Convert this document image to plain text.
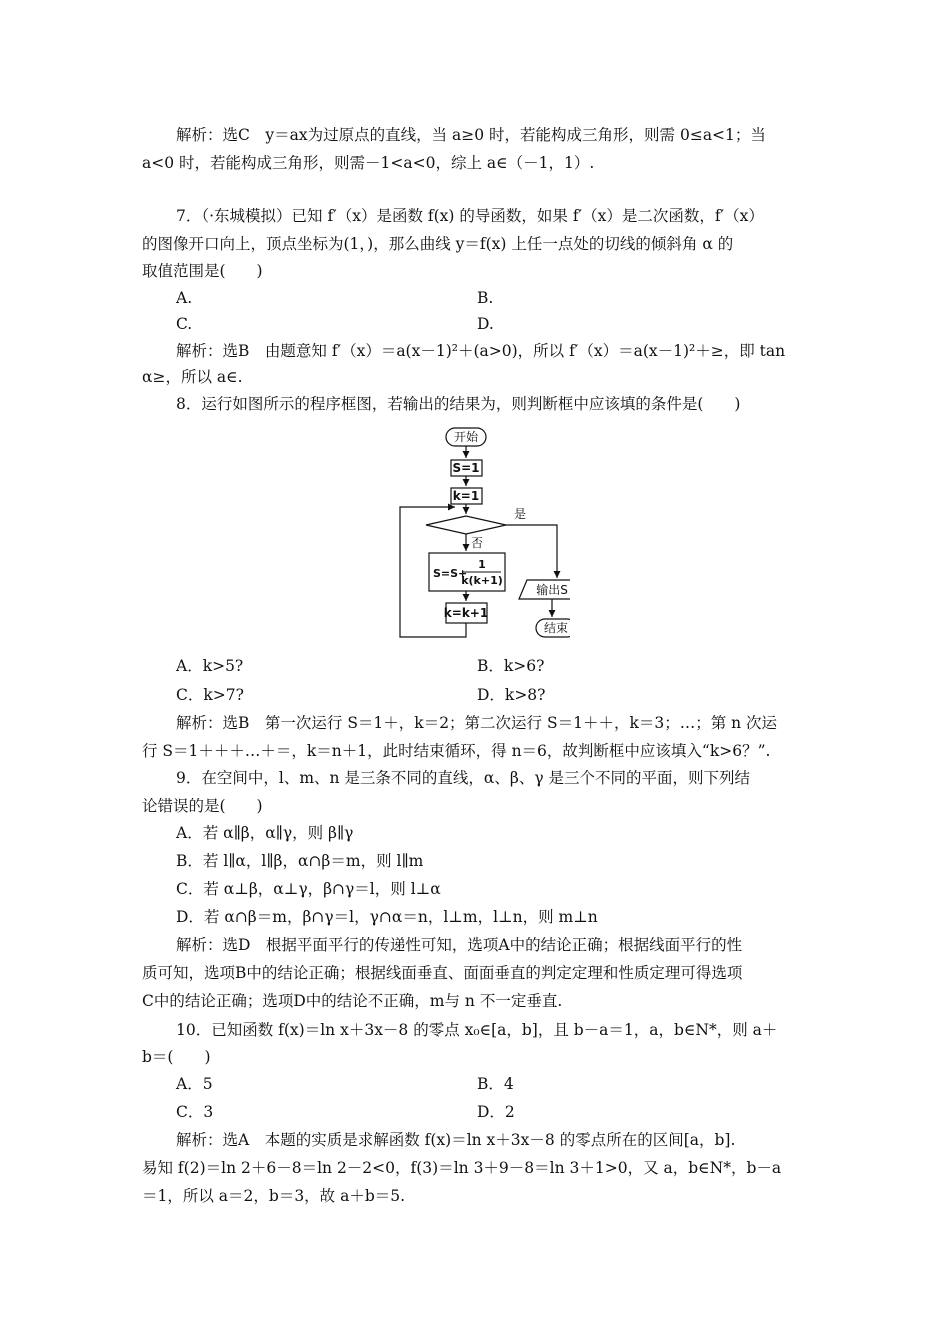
解析：选C　y＝ax为过原点的直线，当 a≥0 时，若能构成三角形，则需 0≤a<1；当
a<0 时，若能构成三角形，则需－1<a<0，综上 a∈（－1，1）.
7．（·东城模拟）已知 f′（x）是函数 f(x) 的导函数，如果 f′（x）是二次函数，f′（x）
的图像开口向上，顶点坐标为(1，)，那么曲线 y＝f(x) 上任一点处的切线的倾斜角 α 的
取值范围是(　　)
A.	B.
C.	D.
解析：选B　由题意知 f′（x）＝a(x－1)²＋(a>0)，所以 f′（x）＝a(x－1)²＋≥，即 tan
α≥，所以 a∈.
8．运行如图所示的程序框图，若输出的结果为，则判断框中应该填的条件是(　　)
开始
S=1
k=1
是
否
S=S+
1
k(k+1)
k=k+1
输出S
结束
A．k>5?	B．k>6?
C．k>7?	D．k>8?
解析：选B　第一次运行 S＝1＋，k＝2；第二次运行 S＝1＋＋，k＝3；…；第 n 次运
行 S＝1＋＋＋…＋＝，k＝n＋1，此时结束循环，得 n＝6，故判断框中应该填入“k>6？”.
9．在空间中，l、m、n 是三条不同的直线，α、β、γ 是三个不同的平面，则下列结
论错误的是(　　)
A．若 α∥β，α∥γ，则 β∥γ
B．若 l∥α，l∥β，α∩β＝m，则 l∥m
C．若 α⊥β，α⊥γ，β∩γ＝l，则 l⊥α
D．若 α∩β＝m，β∩γ＝l，γ∩α＝n，l⊥m，l⊥n，则 m⊥n
解析：选D　根据平面平行的传递性可知，选项A中的结论正确；根据线面平行的性
质可知，选项B中的结论正确；根据线面垂直、面面垂直的判定定理和性质定理可得选项
C中的结论正确；选项D中的结论不正确，m与 n 不一定垂直.
10．已知函数 f(x)＝ln x＋3x－8 的零点 x₀∈[a，b]，且 b－a＝1，a，b∈N*，则 a＋
b＝(　　)
A．5	B．4
C．3	D．2
解析：选A　本题的实质是求解函数 f(x)＝ln x＋3x－8 的零点所在的区间[a，b].
易知 f(2)＝ln 2＋6－8＝ln 2－2<0，f(3)＝ln 3＋9－8＝ln 3＋1>0，又 a，b∈N*，b－a
＝1，所以 a＝2，b＝3，故 a＋b＝5.
